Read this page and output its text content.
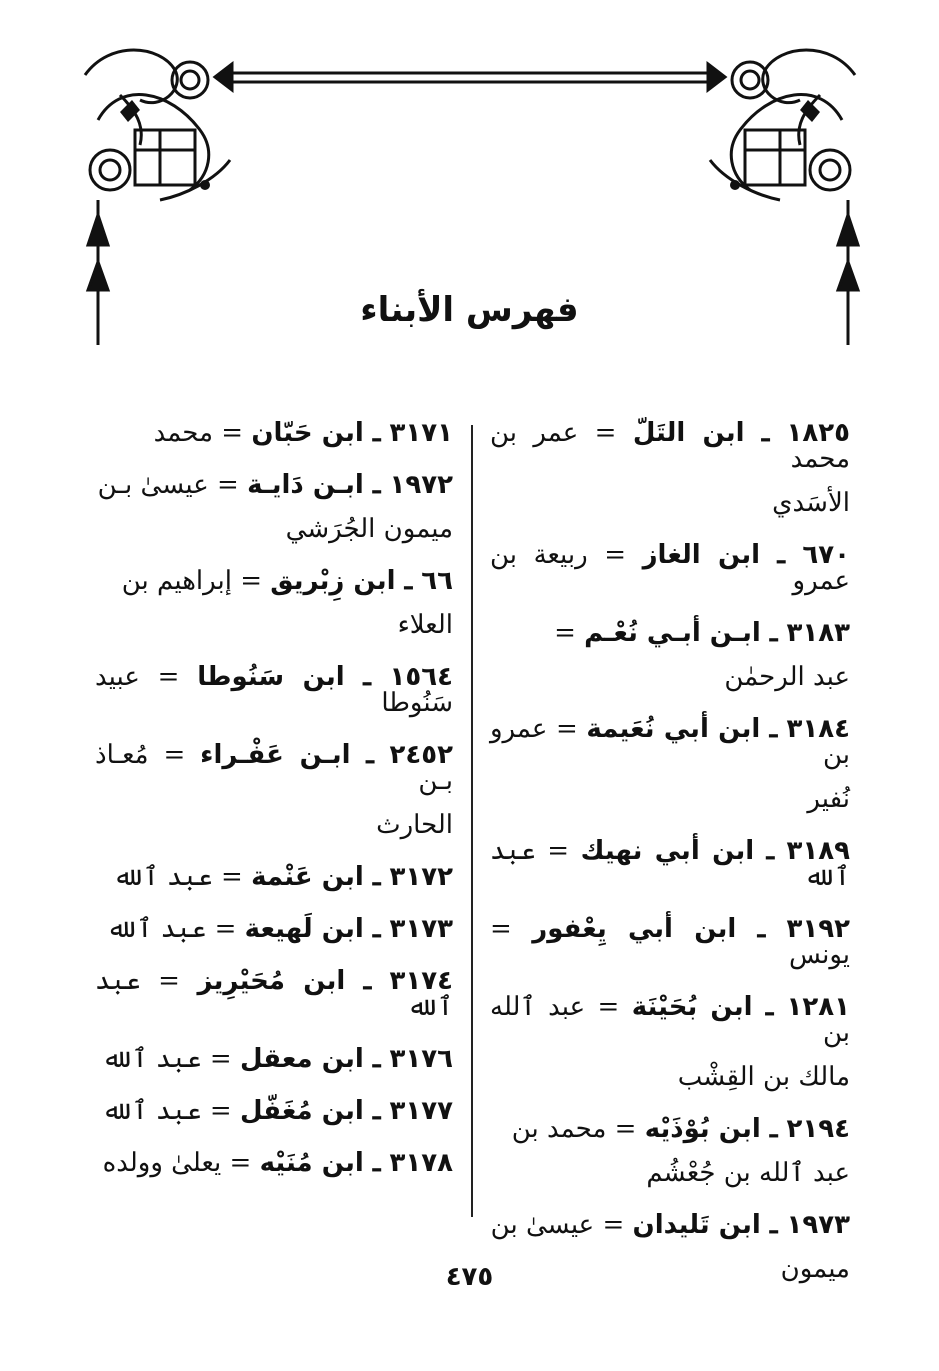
فهرس الأبناء
١٨٢٥ ـ ابن التَلّ = عمر بن محمد
الأسَدي
٦٧٠ ـ ابن الغاز = ربيعة بن عمرو
٣١٨٣ ـ ابـن أبـي نُعْـم =
عبد الرحمٰن
٣١٨٤ ـ ابن أبي نُعَيمة = عمرو بن
نُفير
٣١٨٩ ـ ابن أبي نهيك = عبد ٱلله
٣١٩٢ ـ ابن أبي يِعْفور = يونس
١٢٨١ ـ ابن بُحَيْنَة = عبد ٱلله بن
مالك بن القِشْب
٢١٩٤ ـ ابن بُوْذَيْه = محمد بن
عبد ٱلله بن جُعْشُم
١٩٧٣ ـ ابن تَليدان = عيسىٰ بن
ميمون
٣١٧١ ـ ابن حَبّان = محمد
١٩٧٢ ـ ابـن دَايـة = عيسىٰ بـن
ميمون الجُرَشي
٦٦ ـ ابن زِبْريق = إبراهيم بن
العلاء
١٥٦٤ ـ ابن سَنُوطا = عبيد سَنُوطا
٢٤٥٢ ـ ابـن عَفْـراء = مُعـاذ بـن
الحارث
٣١٧٢ ـ ابن عَنْمة = عبد ٱلله
٣١٧٣ ـ ابن لَهيعة = عبد ٱلله
٣١٧٤ ـ ابن مُحَيْرِيز = عبد ٱلله
٣١٧٦ ـ ابن معقل = عبد ٱلله
٣١٧٧ ـ ابن مُغَفّل = عبد ٱلله
٣١٧٨ ـ ابن مُنَيْه = يعلىٰ وولده
٤٧٥
